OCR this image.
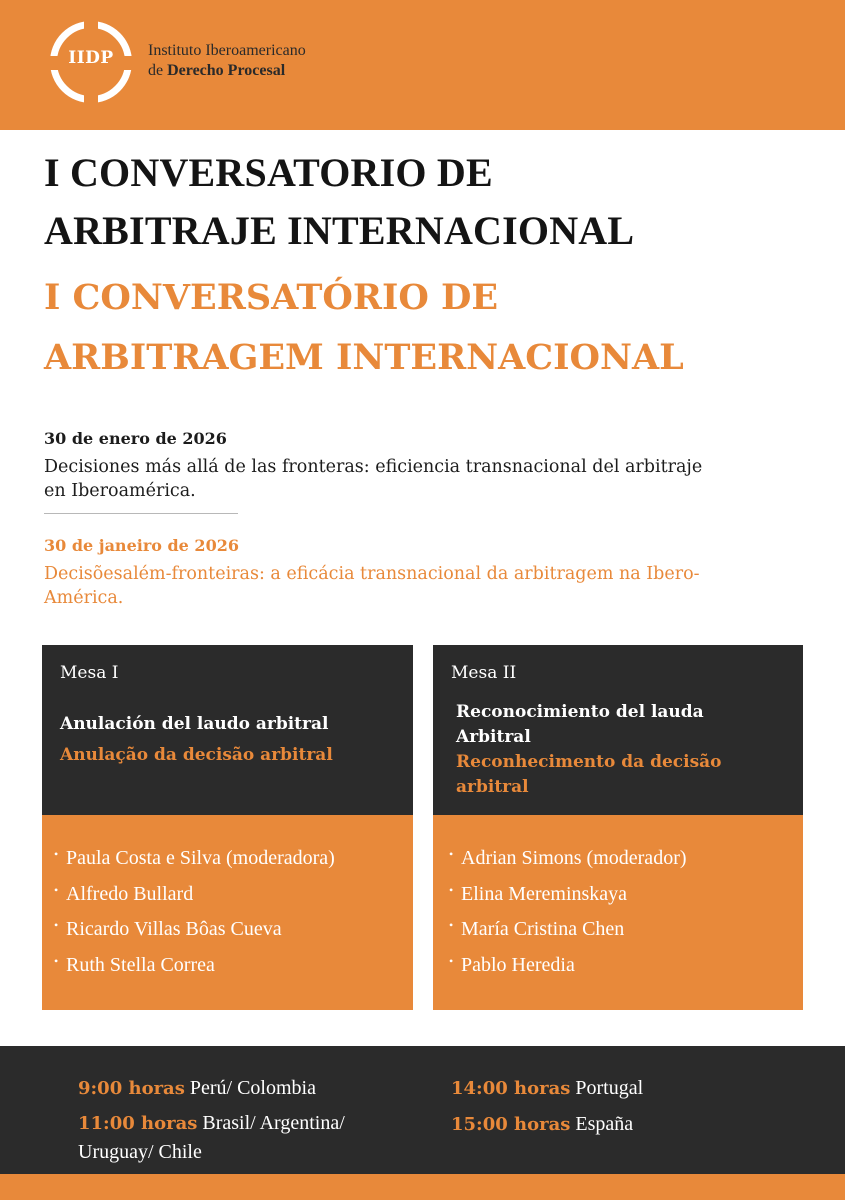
IIDP	Instituto Iberoamericano
de Derecho Procesal
I CONVERSATORIO DE
ARBITRAJE INTERNACIONAL
I CONVERSATÓRIO DE
ARBITRAGEM INTERNACIONAL
30 de enero de 2026
Decisiones más allá de las fronteras: eficiencia transnacional del arbitraje en Iberoamérica.
30 de janeiro de 2026
Decisõesalém-fronteiras: a eficácia transnacional da arbitragem na Ibero-América.
Mesa I
Anulación del laudo arbitral
Anulação da decisão arbitral
• Paula Costa e Silva (moderadora)
• Alfredo Bullard
• Ricardo Villas Bôas Cueva
• Ruth Stella Correa
Mesa II
Reconocimiento del lauda Arbitral
Reconhecimento da decisão arbitral
• Adrian Simons (moderador)
• Elina Mereminskaya
• María Cristina Chen
• Pablo Heredia
9:00 horas Perú/ Colombia
11:00 horas Brasil/ Argentina/
Uruguay/ Chile
14:00 horas Portugal
15:00 horas España
